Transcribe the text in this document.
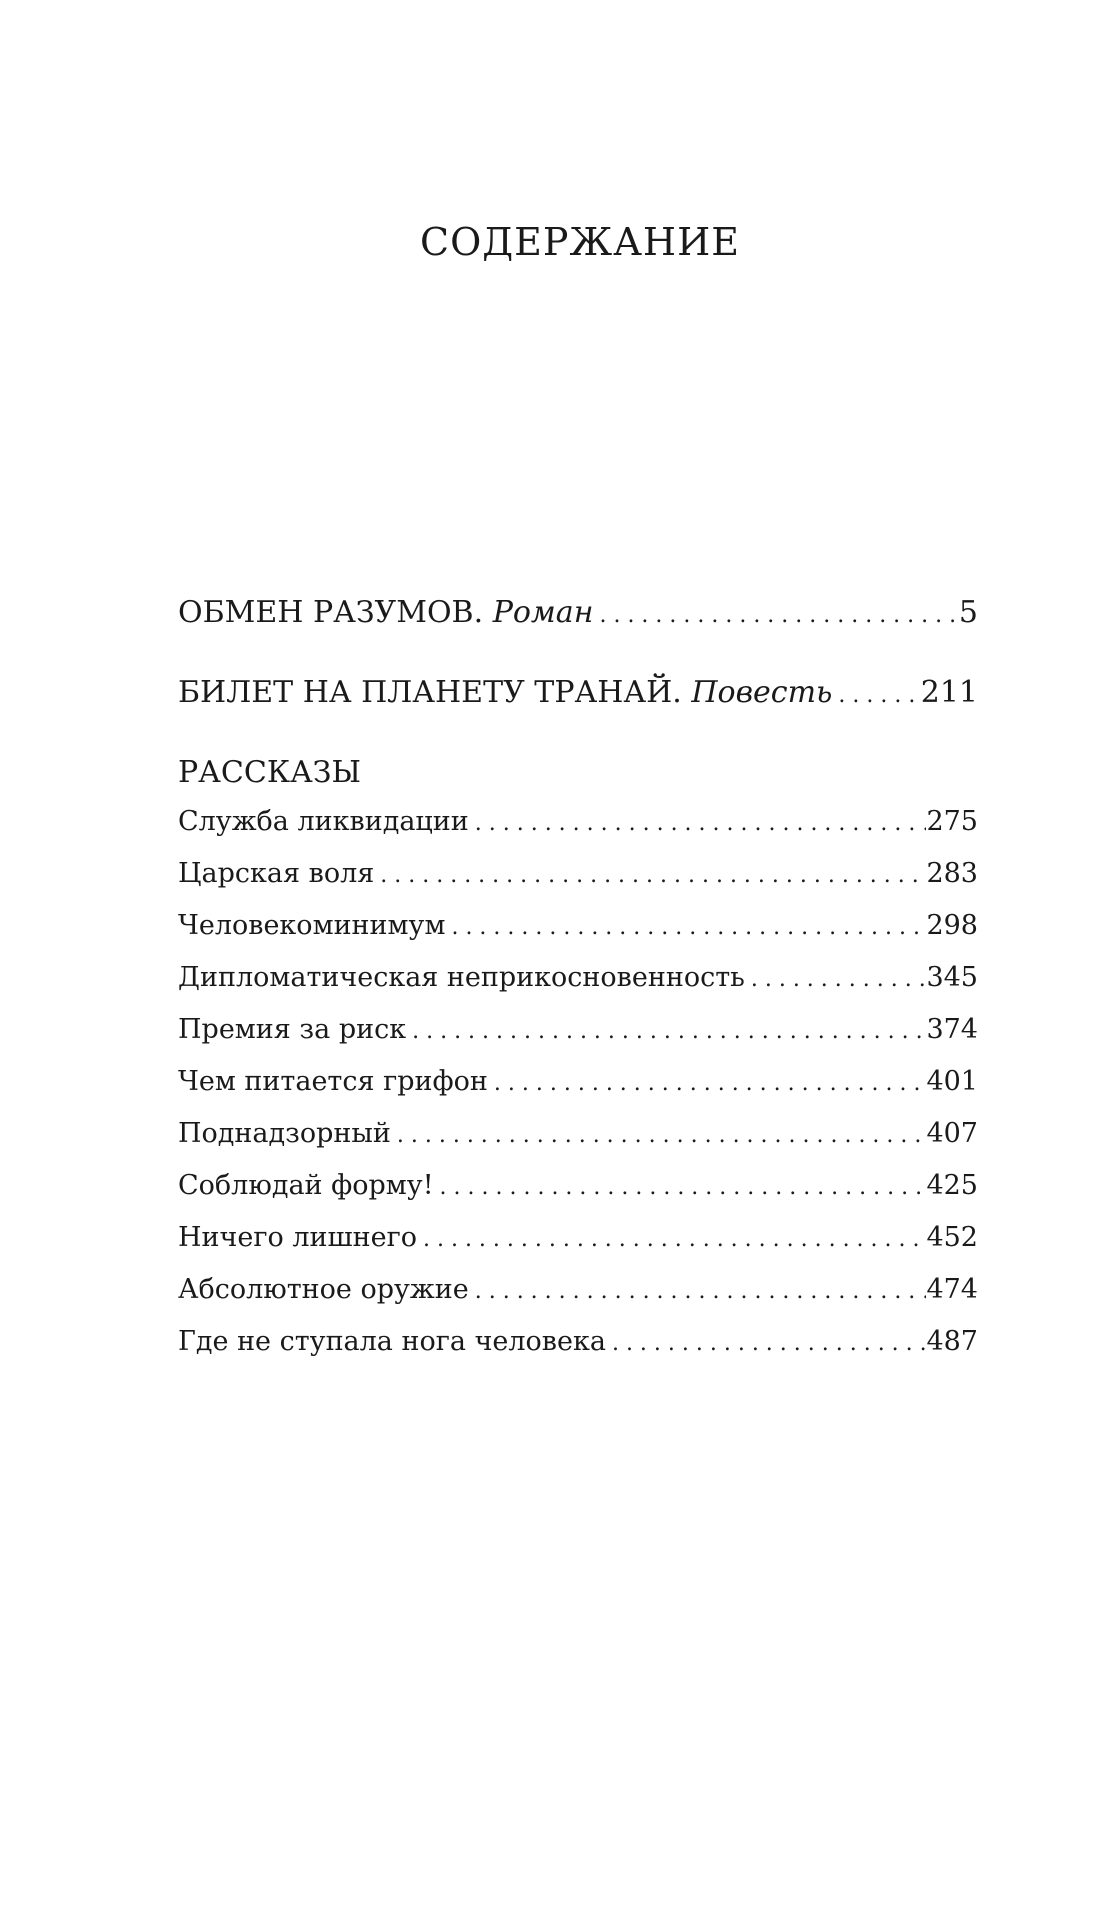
СОДЕРЖАНИЕ
ОБМЕН РАЗУМОВ. Роман . . .	5
БИЛЕТ НА ПЛАНЕТУ ТРАНАЙ. Повесть . . .	211
РАССКАЗЫ
Служба ликвидации . . .	275
Царская воля . . .	283
Человекоминимум . . .	298
Дипломатическая неприкосновенность . . .	345
Премия за риск . . .	374
Чем питается грифон . . .	401
Поднадзорный . . .	407
Соблюдай форму! . . .	425
Ничего лишнего . . .	452
Абсолютное оружие . . .	474
Где не ступала нога человека . . .	487
